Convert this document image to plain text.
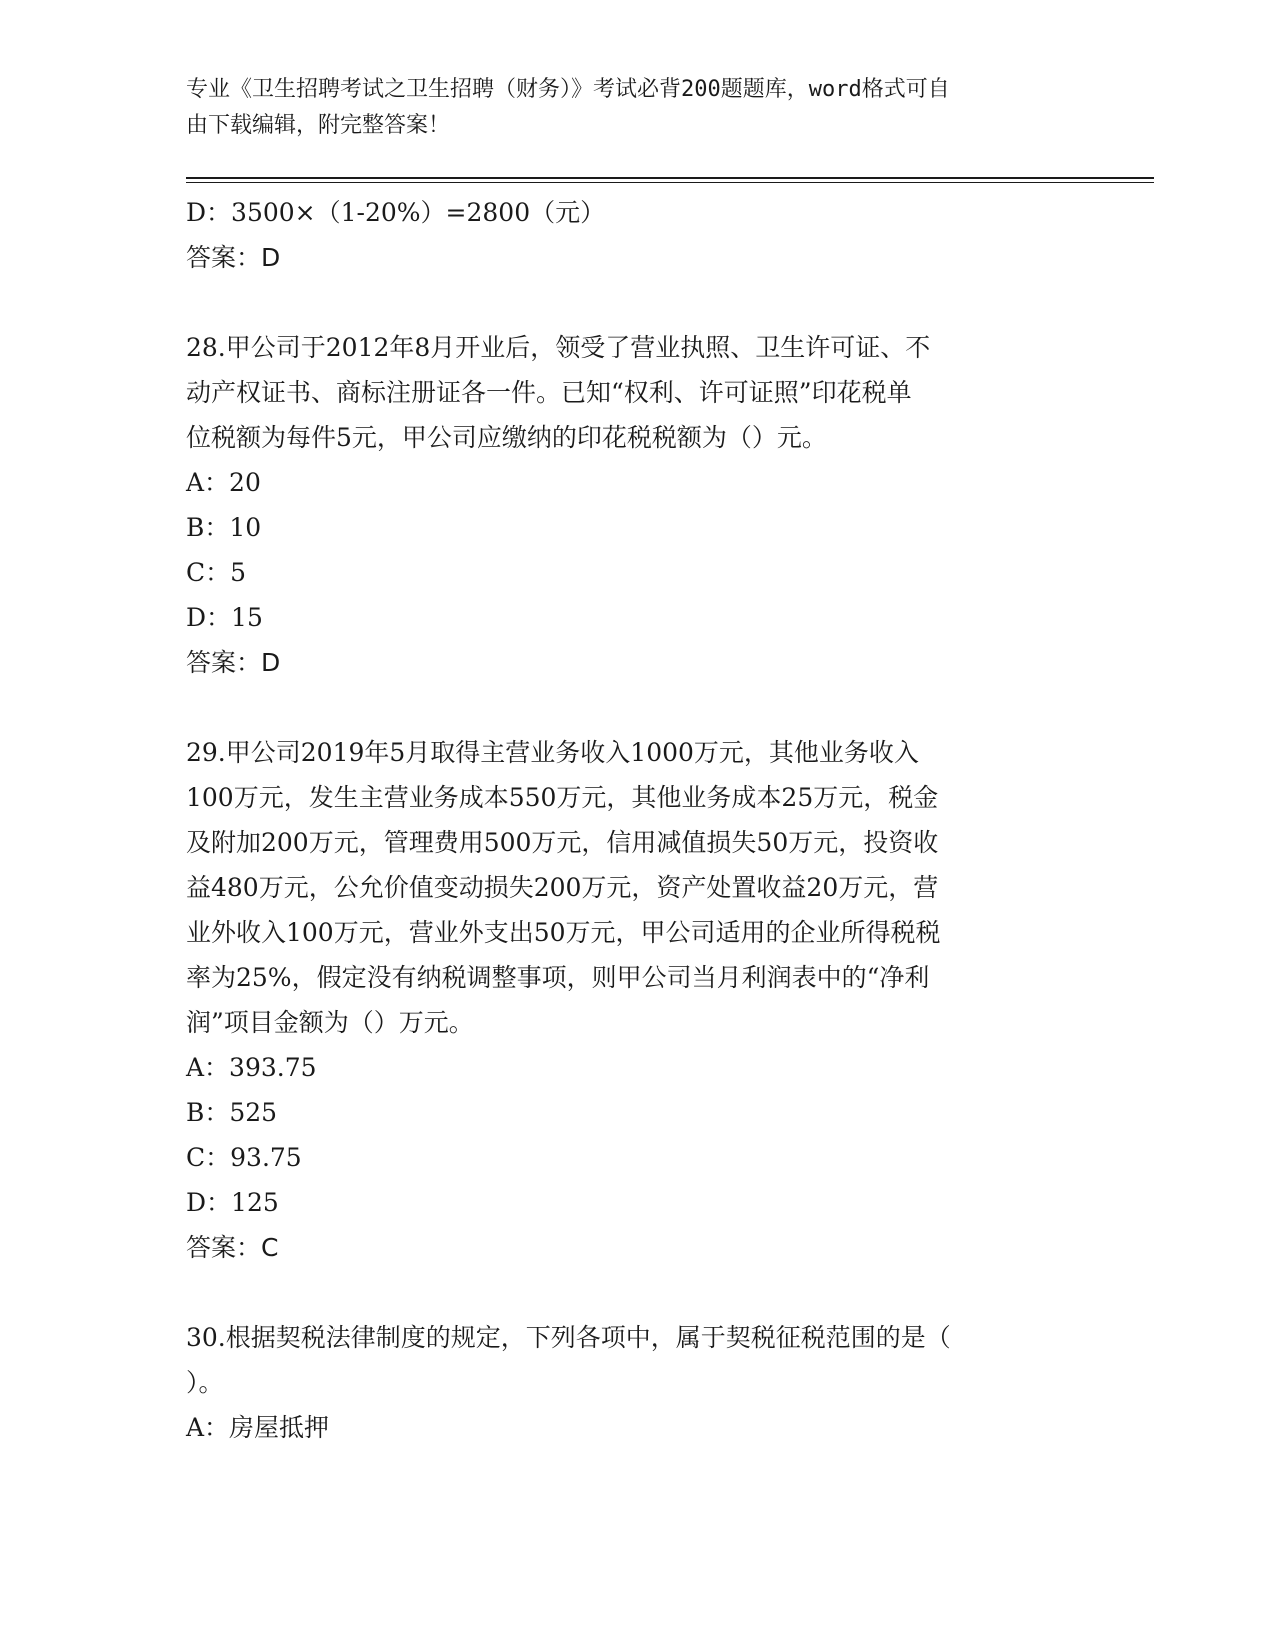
专业《卫生招聘考试之卫生招聘（财务）》考试必背200题题库，word格式可自
由下载编辑，附完整答案！
D：3500×（1-20%）=2800（元）
答案：D
28.甲公司于2012年8月开业后，领受了营业执照、卫生许可证、不
动产权证书、商标注册证各一件。已知“权利、许可证照”印花税单
位税额为每件5元，甲公司应缴纳的印花税税额为（）元。
A：20
B：10
C：5
D：15
答案：D
29.甲公司2019年5月取得主营业务收入1000万元，其他业务收入
100万元，发生主营业务成本550万元，其他业务成本25万元，税金
及附加200万元，管理费用500万元，信用减值损失50万元，投资收
益480万元，公允价值变动损失200万元，资产处置收益20万元，营
业外收入100万元，营业外支出50万元，甲公司适用的企业所得税税
率为25%，假定没有纳税调整事项，则甲公司当月利润表中的“净利
润”项目金额为（）万元。
A：393.75
B：525
C：93.75
D：125
答案：C
30.根据契税法律制度的规定，下列各项中，属于契税征税范围的是（
）。
A：房屋抵押
